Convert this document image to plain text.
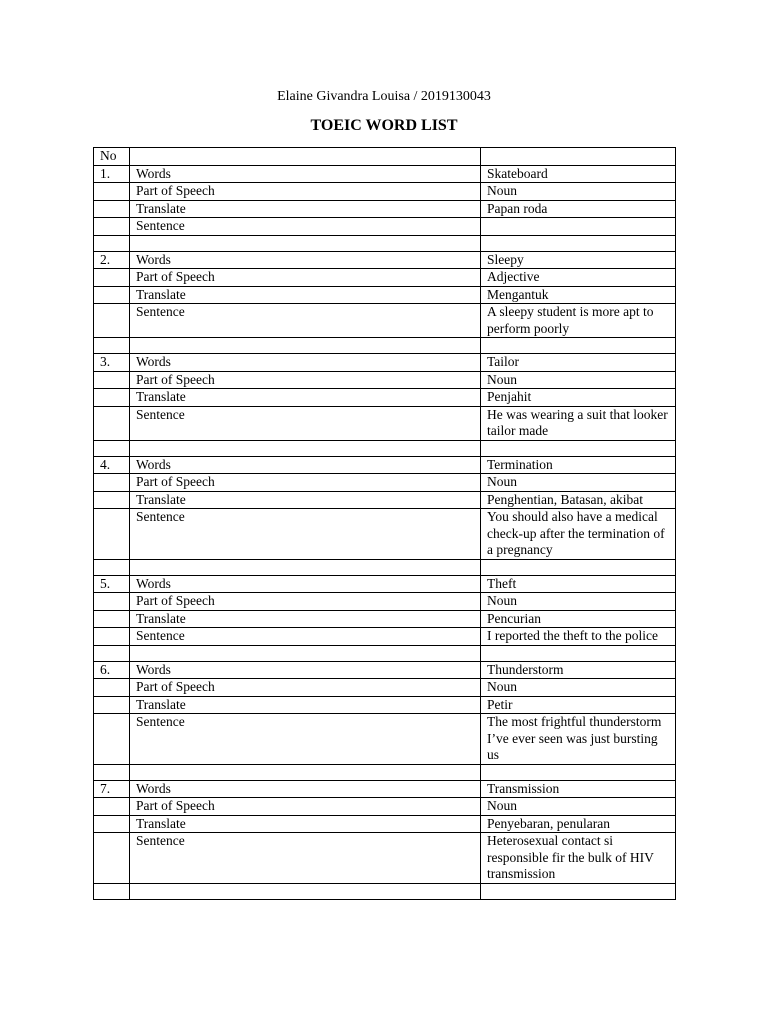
Elaine Givandra Louisa / 2019130043
TOEIC WORD LIST
No		
1.	Words	Skateboard
	Part of Speech	Noun
	Translate	Papan roda
	Sentence	

2.	Words	Sleepy
	Part of Speech	Adjective
	Translate	Mengantuk
	Sentence	A sleepy student is more apt to perform poorly

3.	Words	Tailor
	Part of Speech	Noun
	Translate	Penjahit
	Sentence	He was wearing a suit that looker tailor made

4.	Words	Termination
	Part of Speech	Noun
	Translate	Penghentian, Batasan, akibat
	Sentence	You should also have a medical check-up after the termination of a pregnancy

5.	Words	Theft
	Part of Speech	Noun
	Translate	Pencurian
	Sentence	I reported the theft to the police

6.	Words	Thunderstorm
	Part of Speech	Noun
	Translate	Petir
	Sentence	The most frightful thunderstorm I’ve ever seen was just bursting us

7.	Words	Transmission
	Part of Speech	Noun
	Translate	Penyebaran, penularan
	Sentence	Heterosexual contact si responsible fir the bulk of HIV transmission
